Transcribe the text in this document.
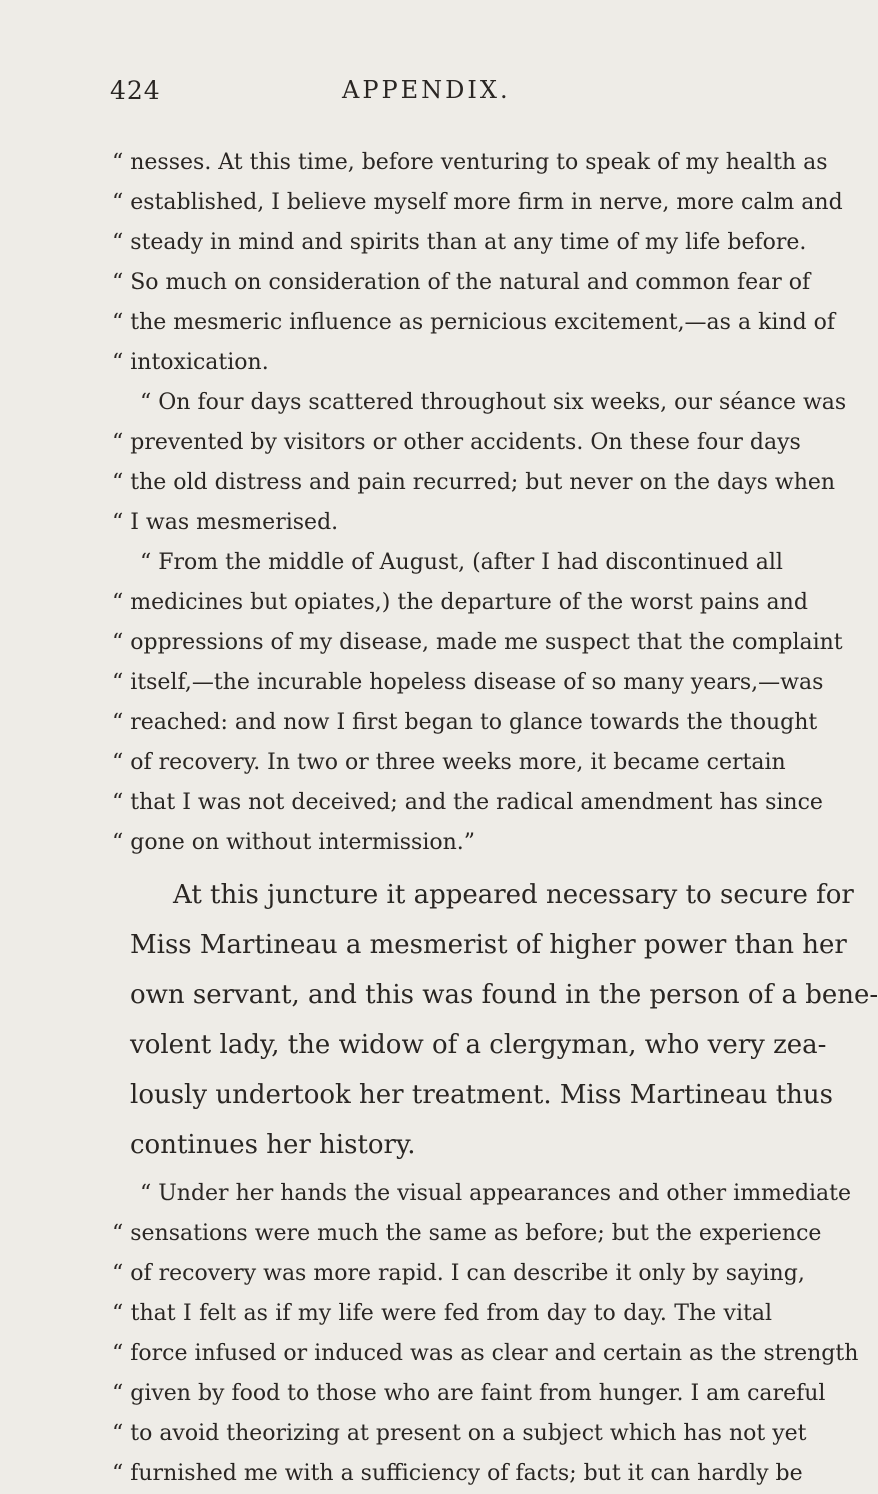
424	APPENDIX.
“ nesses. At this time, before venturing to speak of my health as
“ established, I believe myself more firm in nerve, more calm and
“ steady in mind and spirits than at any time of my life before.
“ So much on consideration of the natural and common fear of
“ the mesmeric influence as pernicious excitement,—as a kind of
“ intoxication.
“ On four days scattered throughout six weeks, our séance was
“ prevented by visitors or other accidents. On these four days
“ the old distress and pain recurred; but never on the days when
“ I was mesmerised.
“ From the middle of August, (after I had discontinued all
“ medicines but opiates,) the departure of the worst pains and
“ oppressions of my disease, made me suspect that the complaint
“ itself,—the incurable hopeless disease of so many years,—was
“ reached: and now I first began to glance towards the thought
“ of recovery. In two or three weeks more, it became certain
“ that I was not deceived; and the radical amendment has since
“ gone on without intermission.”
At this juncture it appeared necessary to secure for
Miss Martineau a mesmerist of higher power than her
own servant, and this was found in the person of a bene-
volent lady, the widow of a clergyman, who very zea-
lously undertook her treatment. Miss Martineau thus
continues her history.
“ Under her hands the visual appearances and other immediate
“ sensations were much the same as before; but the experience
“ of recovery was more rapid. I can describe it only by saying,
“ that I felt as if my life were fed from day to day. The vital
“ force infused or induced was as clear and certain as the strength
“ given by food to those who are faint from hunger. I am careful
“ to avoid theorizing at present on a subject which has not yet
“ furnished me with a sufficiency of facts; but it can hardly be
